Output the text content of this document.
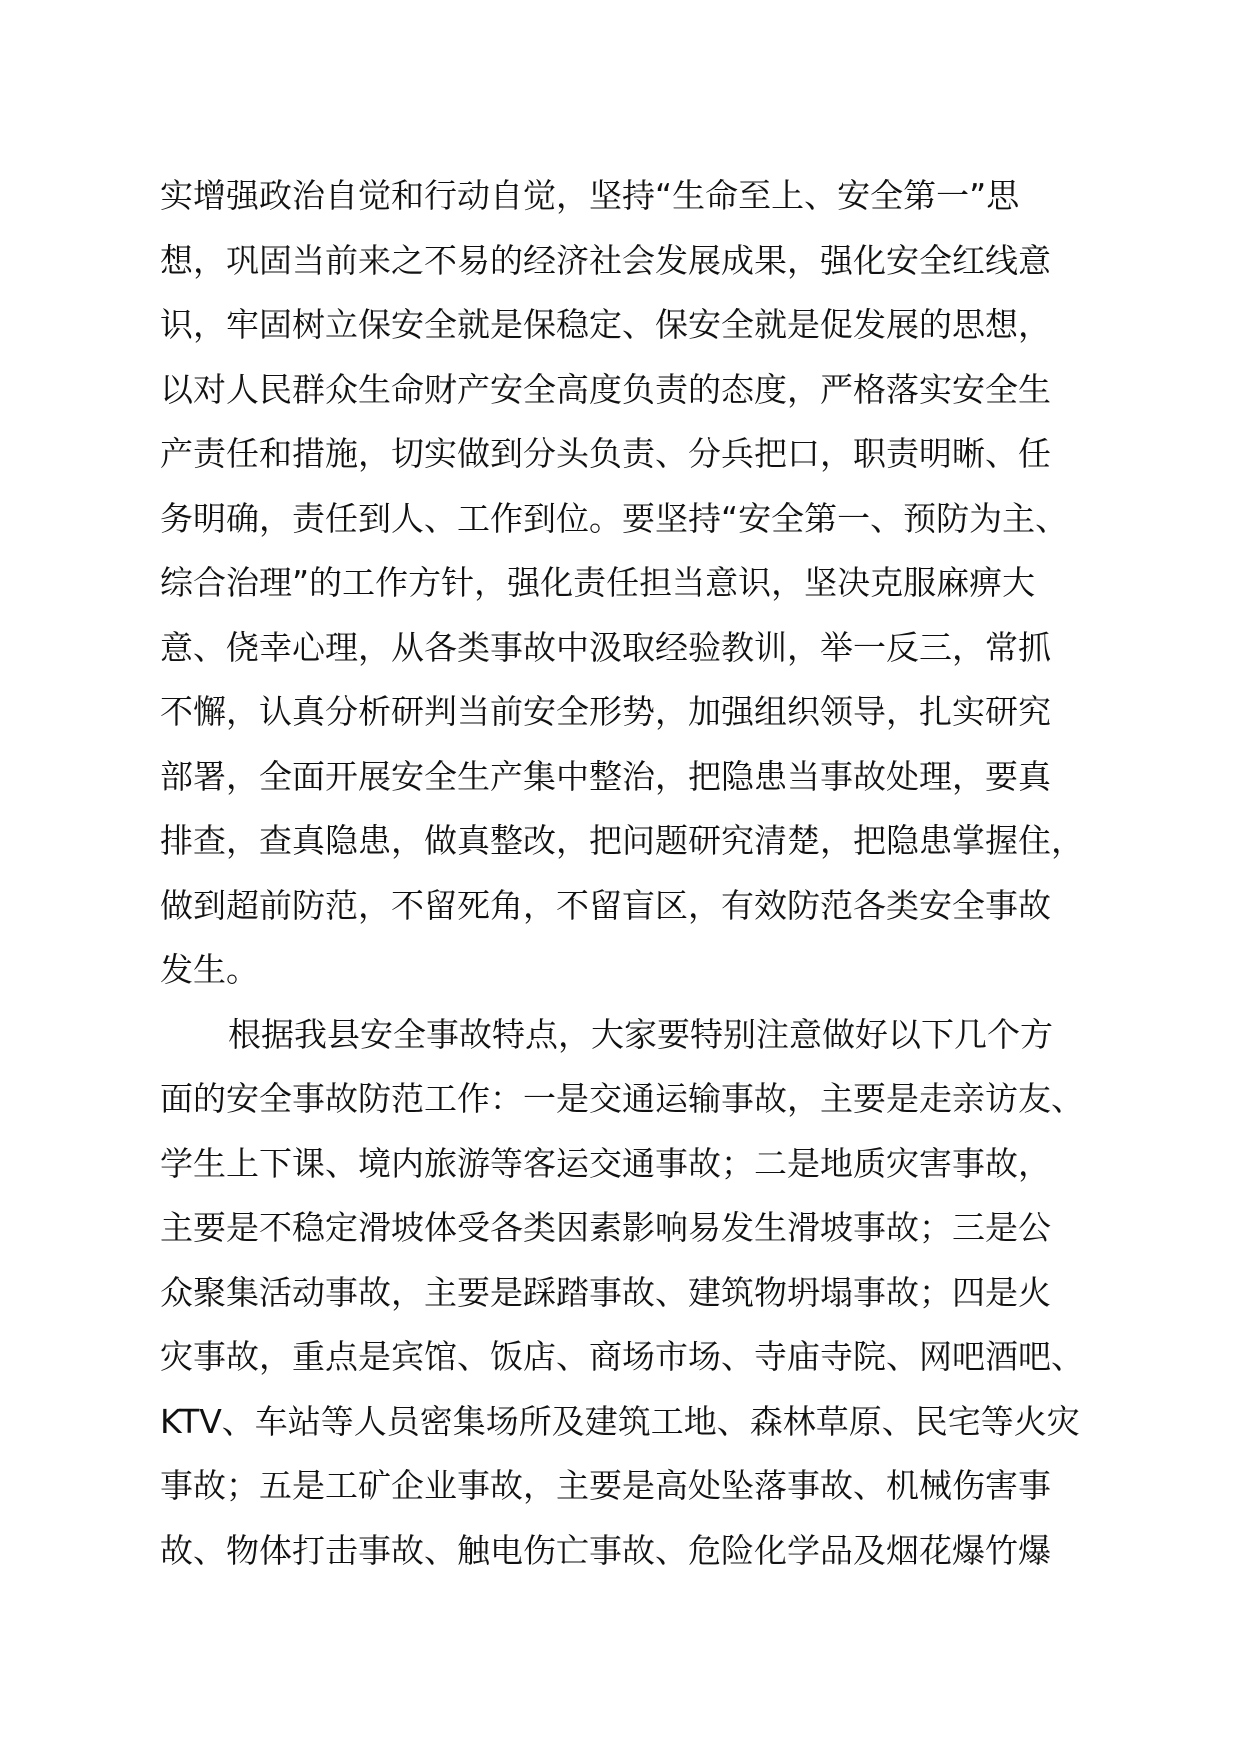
实增强政治自觉和行动自觉，坚持“生命至上、安全第一”思
想，巩固当前来之不易的经济社会发展成果，强化安全红线意
识，牢固树立保安全就是保稳定、保安全就是促发展的思想，
以对人民群众生命财产安全高度负责的态度，严格落实安全生
产责任和措施，切实做到分头负责、分兵把口，职责明晰、任
务明确，责任到人、工作到位。要坚持“安全第一、预防为主、
综合治理”的工作方针，强化责任担当意识，坚决克服麻痹大
意、侥幸心理，从各类事故中汲取经验教训，举一反三，常抓
不懈，认真分析研判当前安全形势，加强组织领导，扎实研究
部署，全面开展安全生产集中整治，把隐患当事故处理，要真
排查，查真隐患，做真整改，把问题研究清楚，把隐患掌握住，
做到超前防范，不留死角，不留盲区，有效防范各类安全事故
发生。
根据我县安全事故特点，大家要特别注意做好以下几个方
面的安全事故防范工作：一是交通运输事故，主要是走亲访友、
学生上下课、境内旅游等客运交通事故；二是地质灾害事故，
主要是不稳定滑坡体受各类因素影响易发生滑坡事故；三是公
众聚集活动事故，主要是踩踏事故、建筑物坍塌事故；四是火
灾事故，重点是宾馆、饭店、商场市场、寺庙寺院、网吧酒吧、
KTV、车站等人员密集场所及建筑工地、森林草原、民宅等火灾
事故；五是工矿企业事故，主要是高处坠落事故、机械伤害事
故、物体打击事故、触电伤亡事故、危险化学品及烟花爆竹爆
